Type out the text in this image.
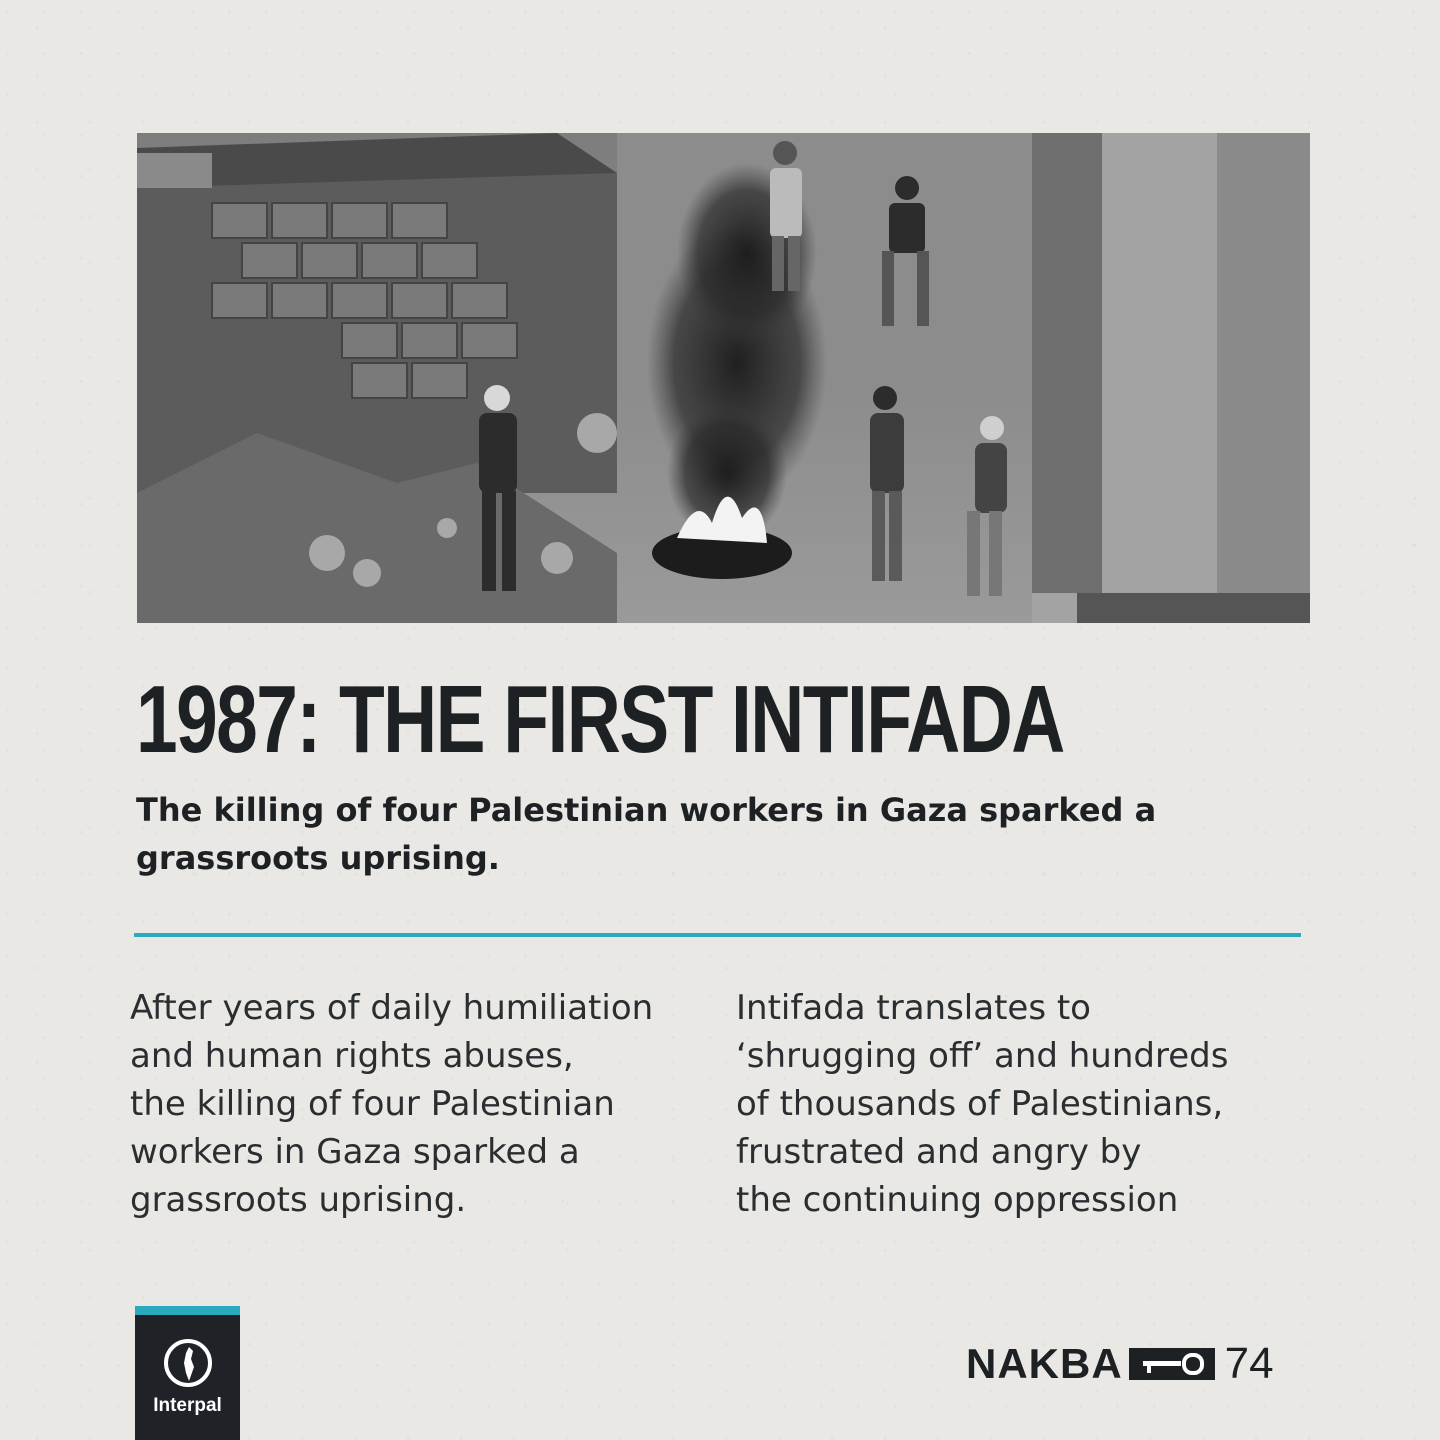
1987: THE FIRST INTIFADA

The killing of four Palestinian workers in Gaza sparked a grassroots uprising.

After years of daily humiliation
and human rights abuses,
the killing of four Palestinian
workers in Gaza sparked a
grassroots uprising.
Intifada translates to
‘shrugging off’ and hundreds
of thousands of Palestinians,
frustrated and angry by
the continuing oppression
Interpal
NAKBA 74
